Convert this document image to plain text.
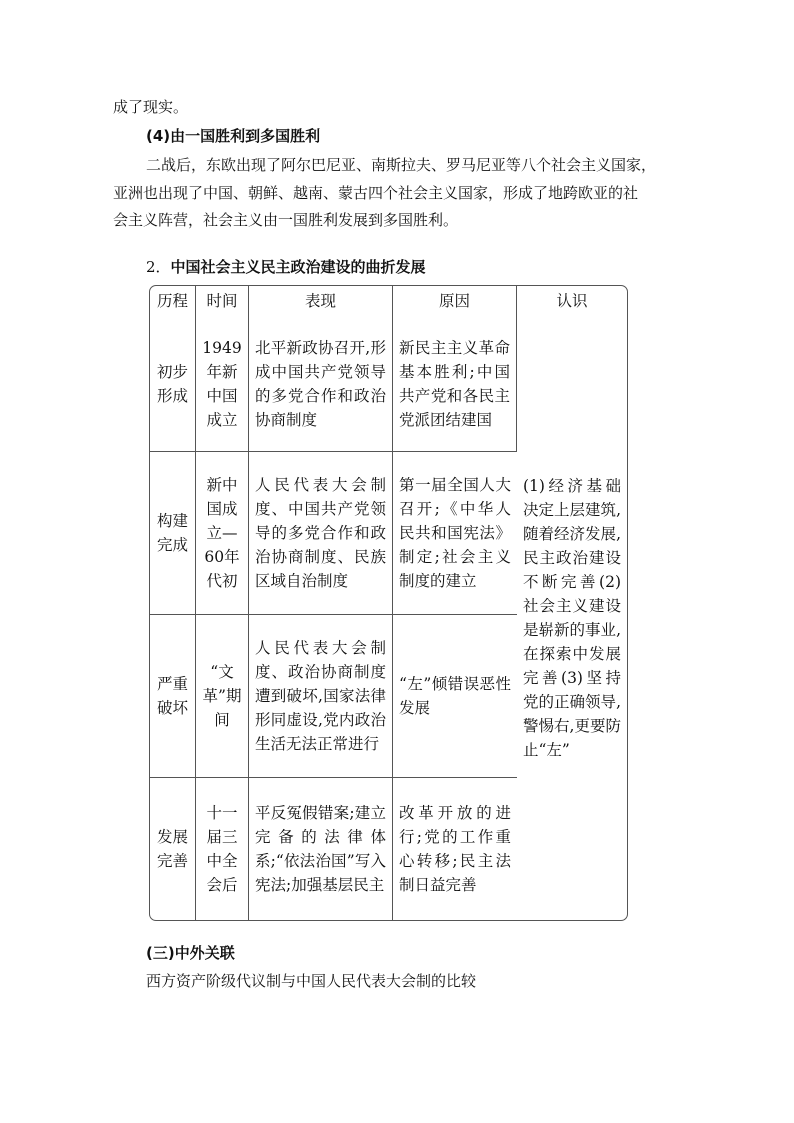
成了现实。
(4)由一国胜利到多国胜利
二战后，东欧出现了阿尔巴尼亚、南斯拉夫、罗马尼亚等八个社会主义国家，
亚洲也出现了中国、朝鲜、越南、蒙古四个社会主义国家，形成了地跨欧亚的社
会主义阵营，社会主义由一国胜利发展到多国胜利。
2．中国社会主义民主政治建设的曲折发展
历程	时间	表现	原因	认识
初步形成	1949年新中国成立	北平新政协召开,形成中国共产党领导的多党合作和政治协商制度	新民主主义革命基本胜利;中国共产党和各民主党派团结建国	(1)经济基础决定上层建筑,随着经济发展,民主政治建设不断完善(2)社会主义建设是崭新的事业,在探索中发展完善(3)坚持党的正确领导,警惕右,更要防止“左”
构建完成	新中国成立—60年代初	人民代表大会制度、中国共产党领导的多党合作和政治协商制度、民族区域自治制度	第一届全国人大召开;《中华人民共和国宪法》制定;社会主义制度的建立	
严重破坏	“文革”期间	人民代表大会制度、政治协商制度遭到破坏,国家法律形同虚设,党内政治生活无法正常进行	“左”倾错误恶性发展	
发展完善	十一届三中全会后	平反冤假错案;建立完备的法律体系;“依法治国”写入宪法;加强基层民主	改革开放的进行;党的工作重心转移;民主法制日益完善	
(三)中外关联
西方资产阶级代议制与中国人民代表大会制的比较
